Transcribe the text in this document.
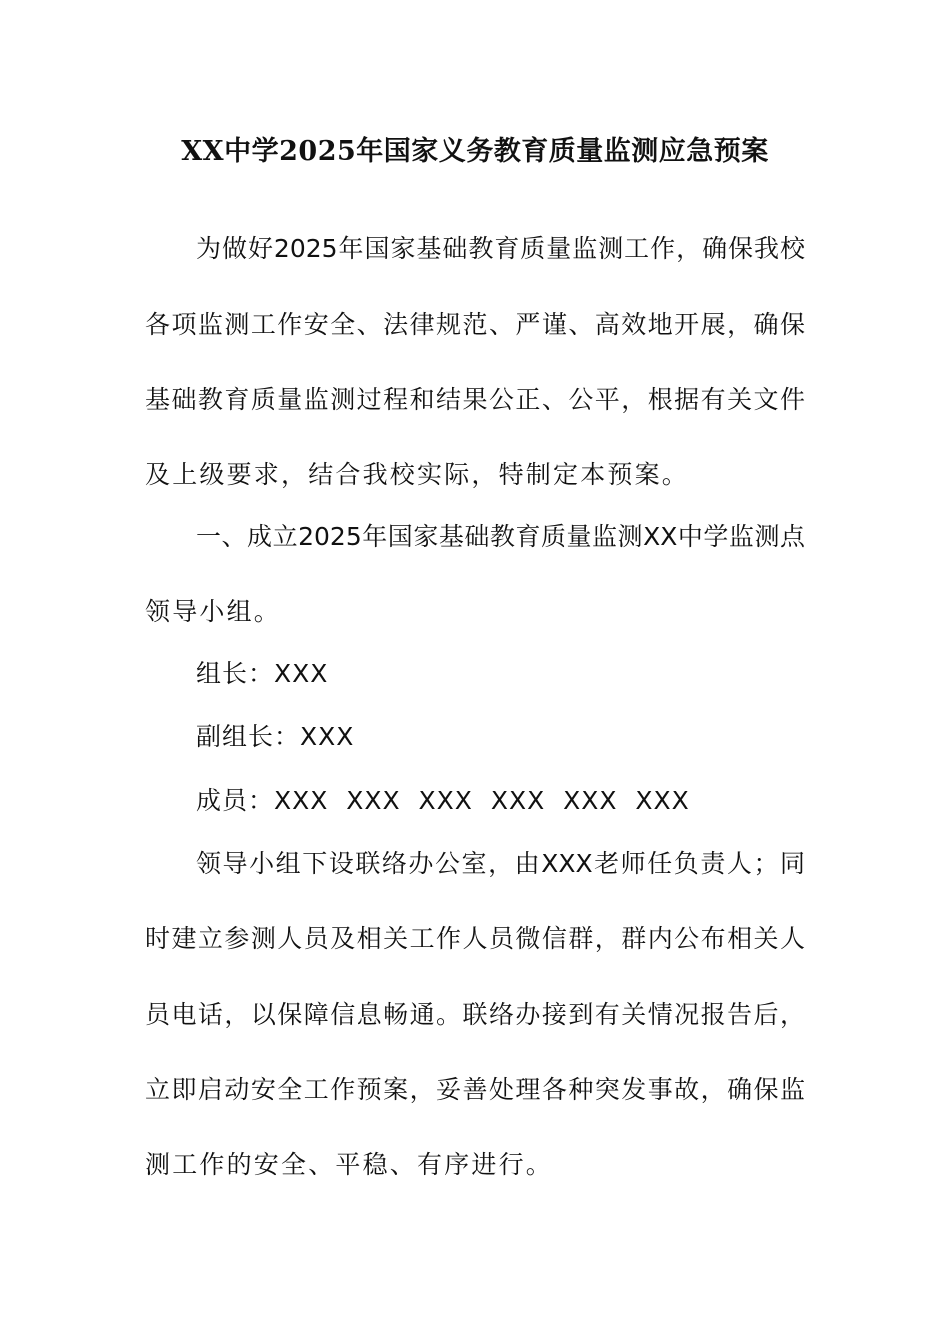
XX中学2025年国家义务教育质量监测应急预案
为做好2025年国家基础教育质量监测工作，确保我校
各项监测工作安全、法律规范、严谨、高效地开展，确保
基础教育质量监测过程和结果公正、公平，根据有关文件
及上级要求，结合我校实际，特制定本预案。
一、成立2025年国家基础教育质量监测XX中学监测点
领导小组。
组长：XXX
副组长：XXX
成员：XXX  XXX  XXX  XXX  XXX  XXX
领导小组下设联络办公室，由XXX老师任负责人；同
时建立参测人员及相关工作人员微信群，群内公布相关人
员电话，以保障信息畅通。联络办接到有关情况报告后，
立即启动安全工作预案，妥善处理各种突发事故，确保监
测工作的安全、平稳、有序进行。
